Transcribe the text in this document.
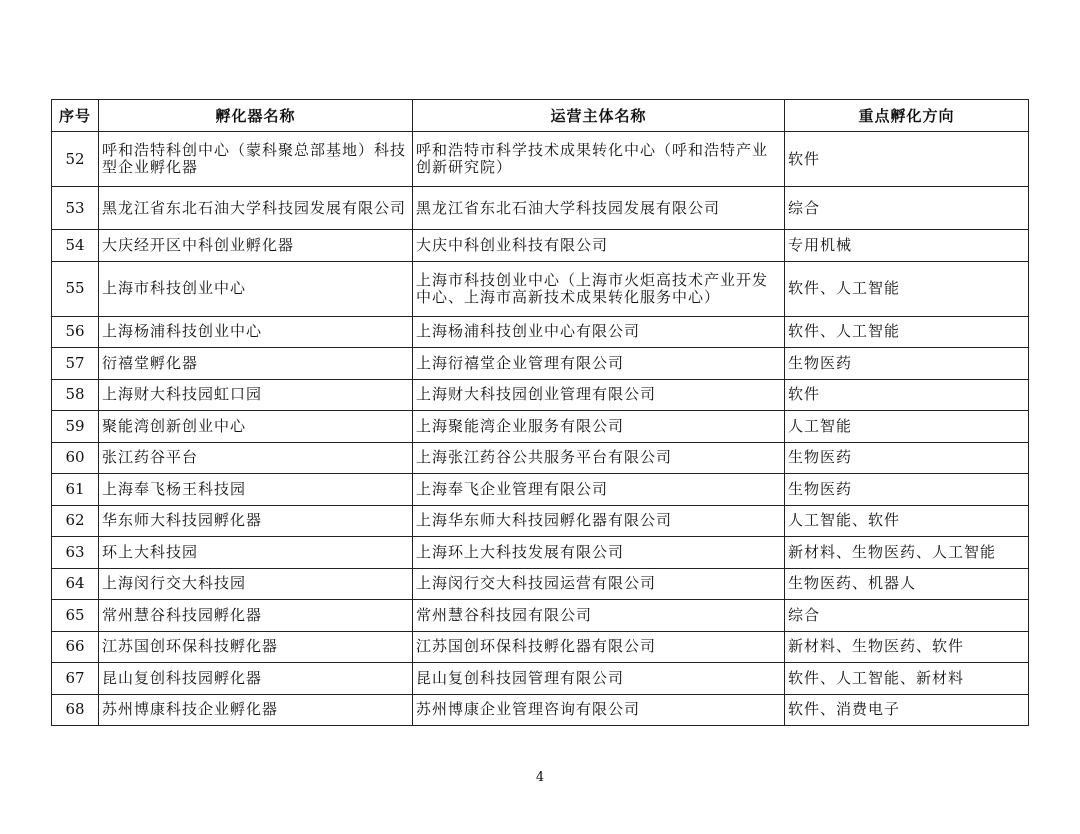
序号	孵化器名称	运营主体名称	重点孵化方向
52	呼和浩特科创中心（蒙科聚总部基地）科技型企业孵化器	呼和浩特市科学技术成果转化中心（呼和浩特产业创新研究院）	软件
53	黑龙江省东北石油大学科技园发展有限公司	黑龙江省东北石油大学科技园发展有限公司	综合
54	大庆经开区中科创业孵化器	大庆中科创业科技有限公司	专用机械
55	上海市科技创业中心	上海市科技创业中心（上海市火炬高技术产业开发中心、上海市高新技术成果转化服务中心）	软件、人工智能
56	上海杨浦科技创业中心	上海杨浦科技创业中心有限公司	软件、人工智能
57	衍禧堂孵化器	上海衍禧堂企业管理有限公司	生物医药
58	上海财大科技园虹口园	上海财大科技园创业管理有限公司	软件
59	聚能湾创新创业中心	上海聚能湾企业服务有限公司	人工智能
60	张江药谷平台	上海张江药谷公共服务平台有限公司	生物医药
61	上海奉飞杨王科技园	上海奉飞企业管理有限公司	生物医药
62	华东师大科技园孵化器	上海华东师大科技园孵化器有限公司	人工智能、软件
63	环上大科技园	上海环上大科技发展有限公司	新材料、生物医药、人工智能
64	上海闵行交大科技园	上海闵行交大科技园运营有限公司	生物医药、机器人
65	常州慧谷科技园孵化器	常州慧谷科技园有限公司	综合
66	江苏国创环保科技孵化器	江苏国创环保科技孵化器有限公司	新材料、生物医药、软件
67	昆山复创科技园孵化器	昆山复创科技园管理有限公司	软件、人工智能、新材料
68	苏州博康科技企业孵化器	苏州博康企业管理咨询有限公司	软件、消费电子
4
